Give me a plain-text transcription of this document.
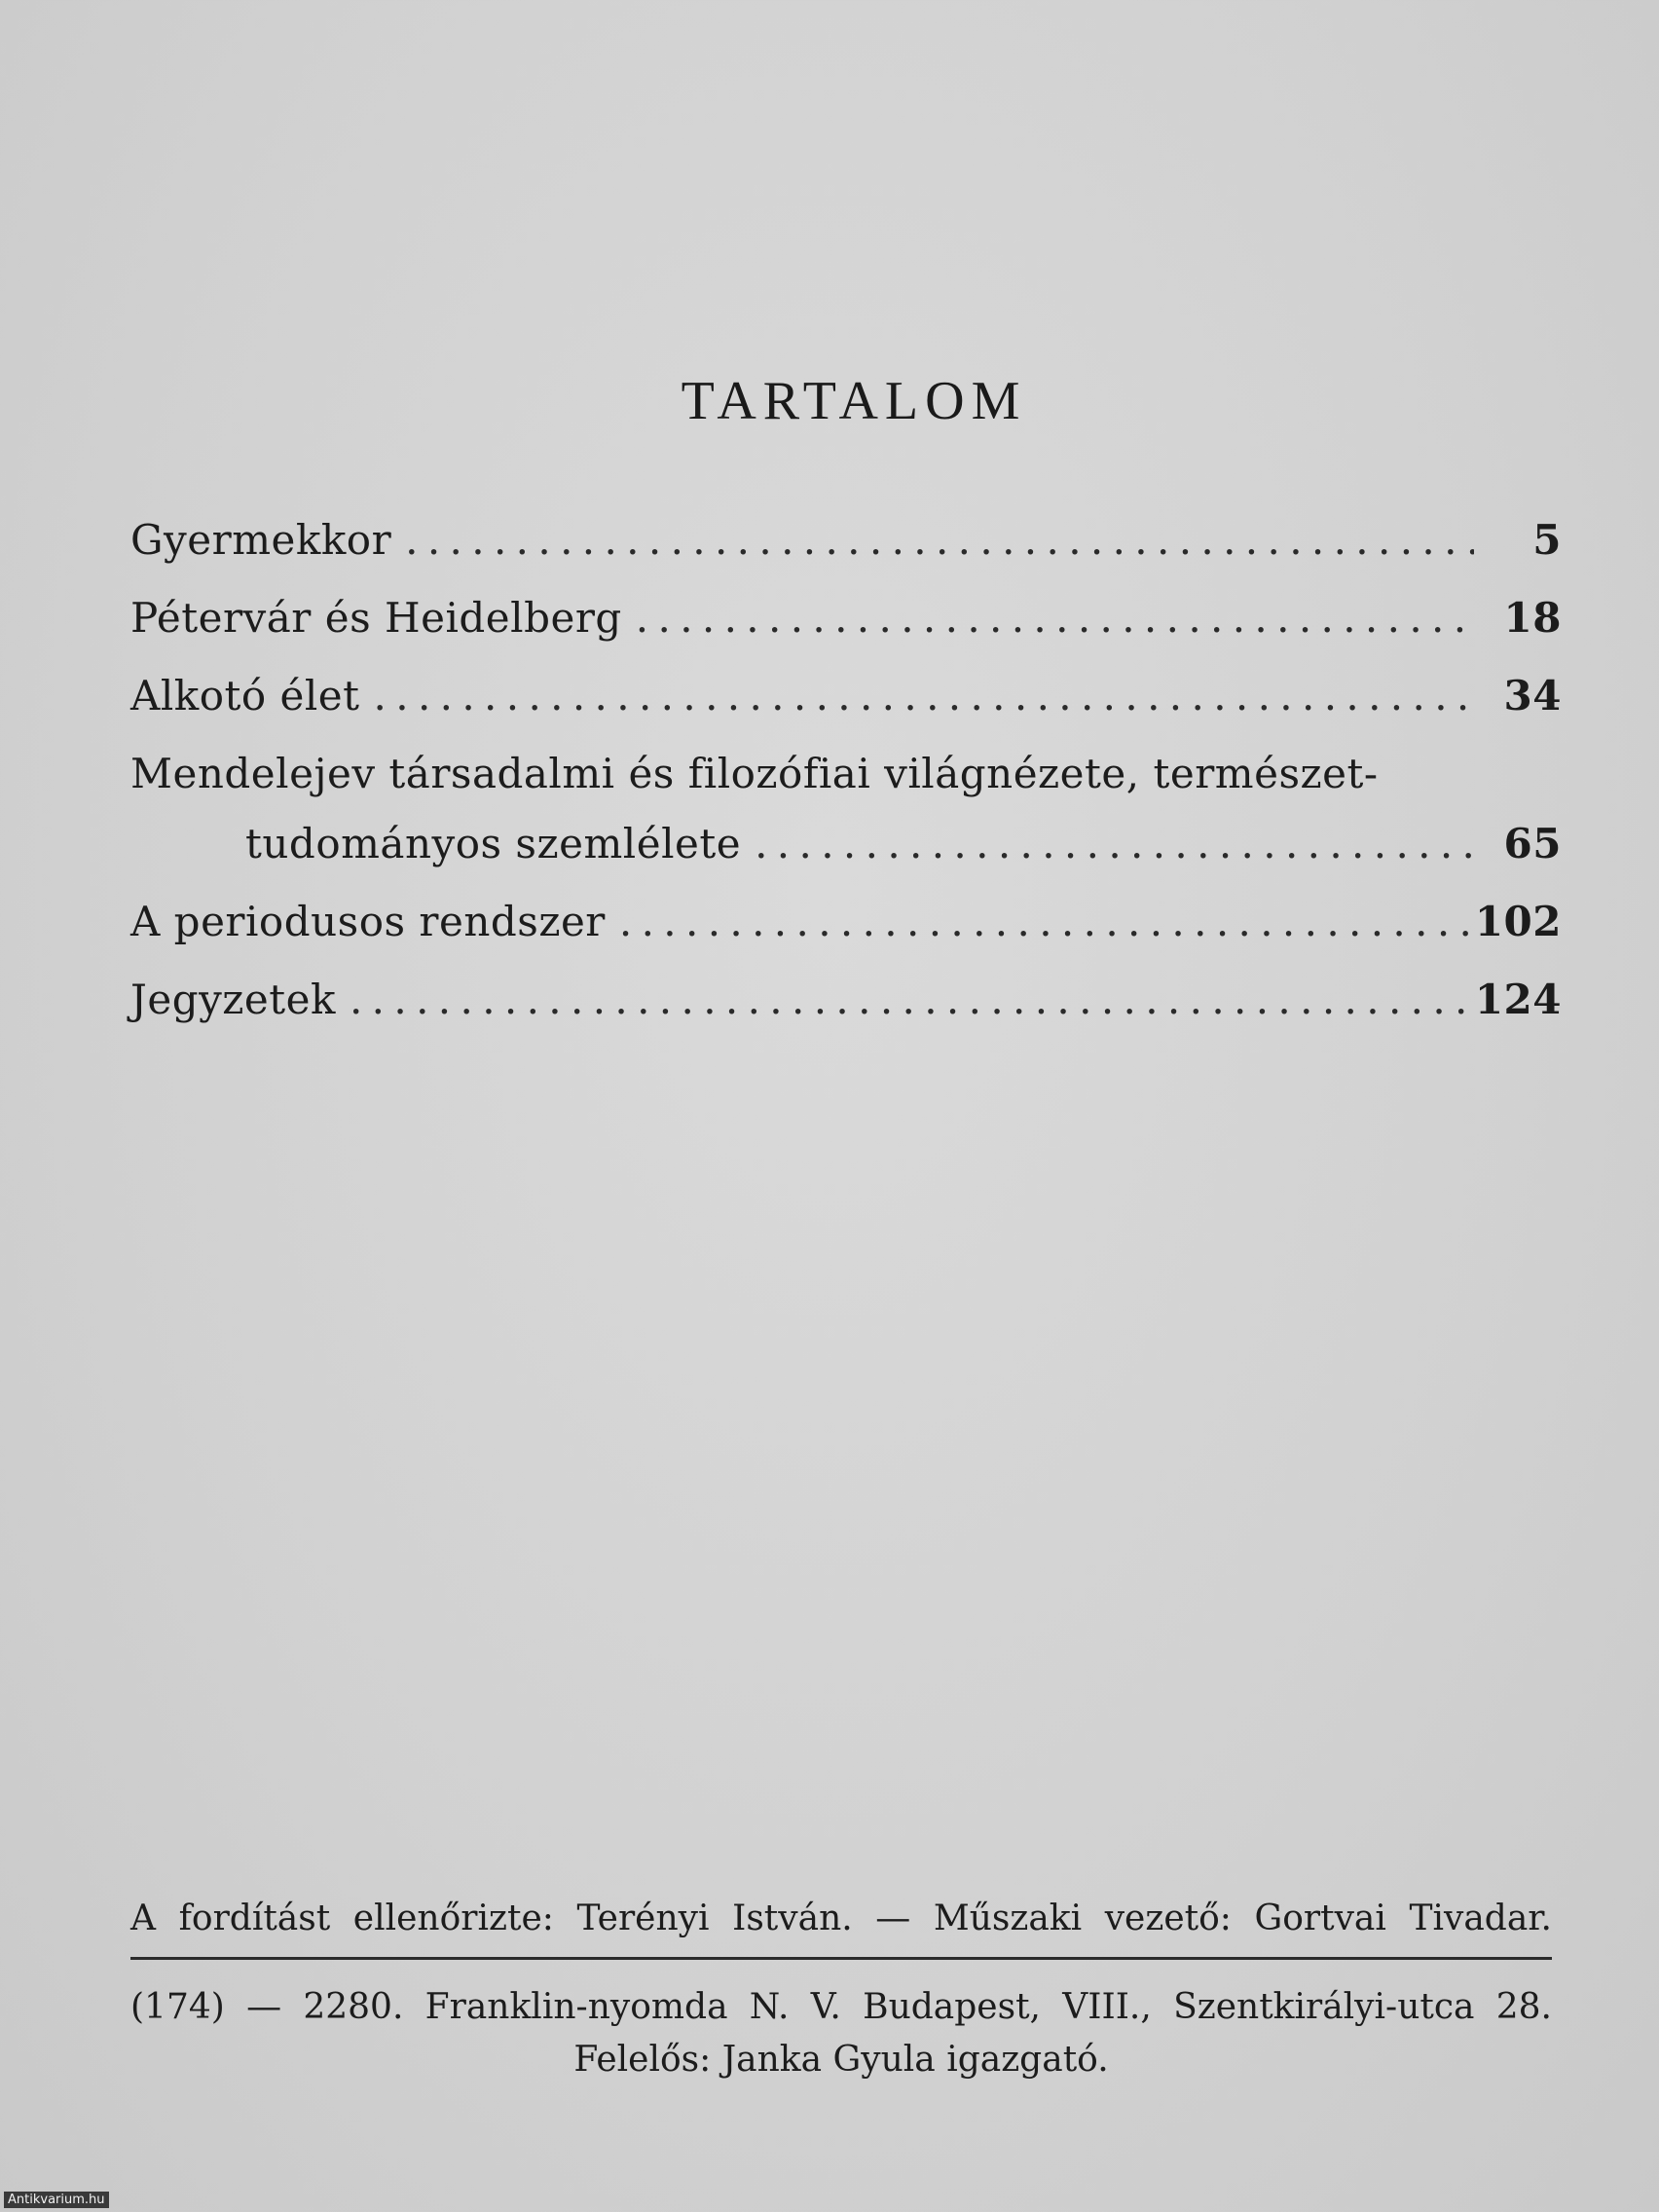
TARTALOM
Gyermekkor . . .	5
Pétervár és Heidelberg . . .	18
Alkotó élet . . .	34
Mendelejev társadalmi és filozófiai világnézete, természet-
tudományos szemlélete . . .	65
A periodusos rendszer . . .	102
Jegyzetek . . .	124
A fordítást ellenőrizte: Terényi István. — Műszaki vezető: Gortvai Tivadar.
(174) — 2280. Franklin-nyomda N. V. Budapest, VIII., Szentkirályi-utca 28.
Felelős: Janka Gyula igazgató.
Antikvarium.hu
